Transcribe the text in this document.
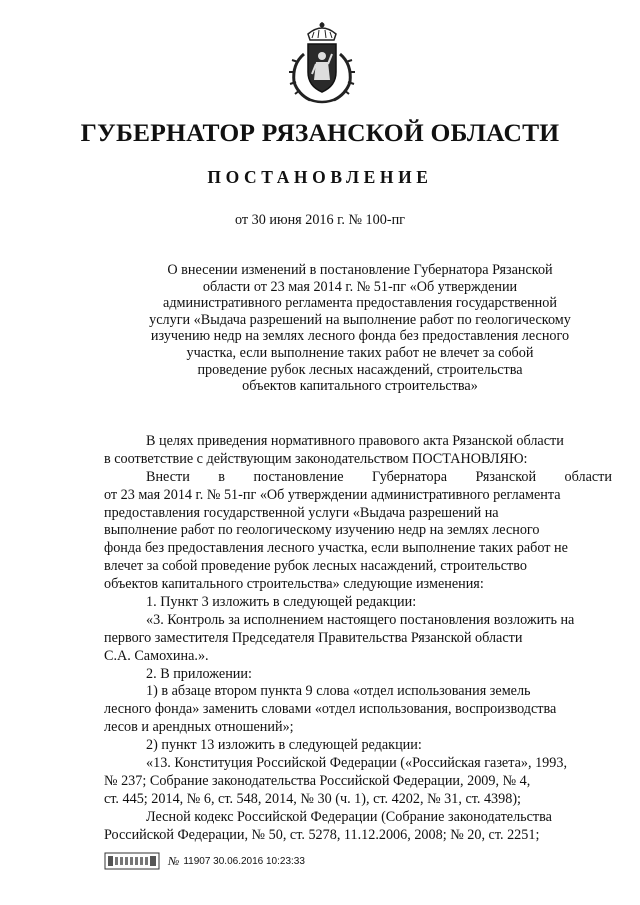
ГУБЕРНАТОР РЯЗАНСКОЙ ОБЛАСТИ
ПОСТАНОВЛЕНИЕ
от 30 июня 2016 г. № 100-пг
О внесении изменений в постановление Губернатора Рязанской
области от 23 мая 2014 г. № 51-пг «Об утверждении
административного регламента предоставления государственной
услуги «Выдача разрешений на выполнение работ по геологическому
изучению недр на землях лесного фонда без предоставления лесного
участка, если выполнение таких работ не влечет за собой
проведение рубок лесных насаждений, строительства
объектов капитального строительства»
В целях приведения нормативного правового акта Рязанской области
в соответствие с действующим законодательством ПОСТАНОВЛЯЮ:
Внести в постановление Губернатора Рязанской области
от 23 мая 2014 г. № 51-пг «Об утверждении административного регламента
предоставления государственной услуги «Выдача разрешений на
выполнение работ по геологическому изучению недр на землях лесного
фонда без предоставления лесного участка, если выполнение таких работ не
влечет за собой проведение рубок лесных насаждений, строительство
объектов капитального строительства» следующие изменения:
1. Пункт 3 изложить в следующей редакции:
«3. Контроль за исполнением настоящего постановления возложить на
первого заместителя Председателя Правительства Рязанской области
С.А. Самохина.».
2. В приложении:
1) в абзаце втором пункта 9 слова «отдел использования земель
лесного фонда» заменить словами «отдел использования, воспроизводства
лесов и арендных отношений»;
2) пункт 13 изложить в следующей редакции:
«13. Конституция Российской Федерации («Российская газета», 1993,
№ 237; Собрание законодательства Российской Федерации, 2009, № 4,
ст. 445; 2014, № 6, ст. 548, 2014, № 30 (ч. 1), ст. 4202, № 31, ст. 4398);
Лесной кодекс Российской Федерации (Собрание законодательства
Российской Федерации, № 50, ст. 5278, 11.12.2006, 2008; № 20, ст. 2251;
№ 11907 30.06.2016 10:23:33
